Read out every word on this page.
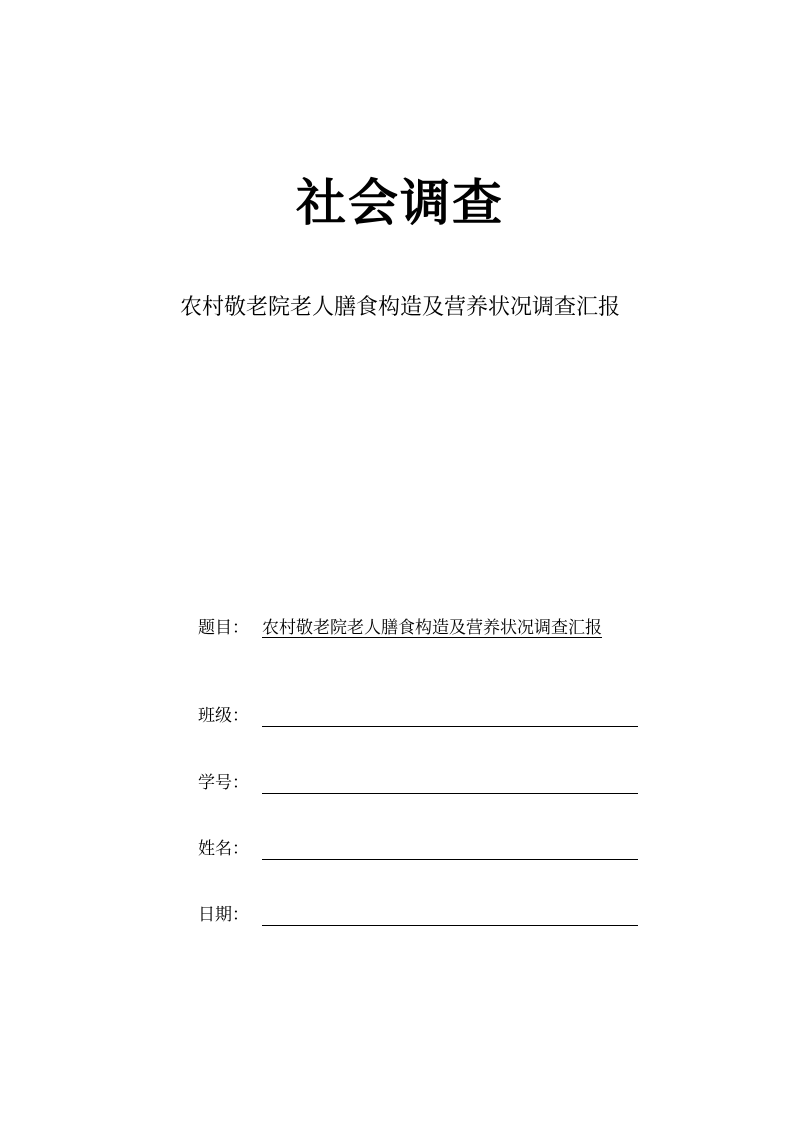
社会调查
农村敬老院老人膳食构造及营养状况调查汇报
题目： 农村敬老院老人膳食构造及营养状况调查汇报
班级：
学号：
姓名：
日期：
